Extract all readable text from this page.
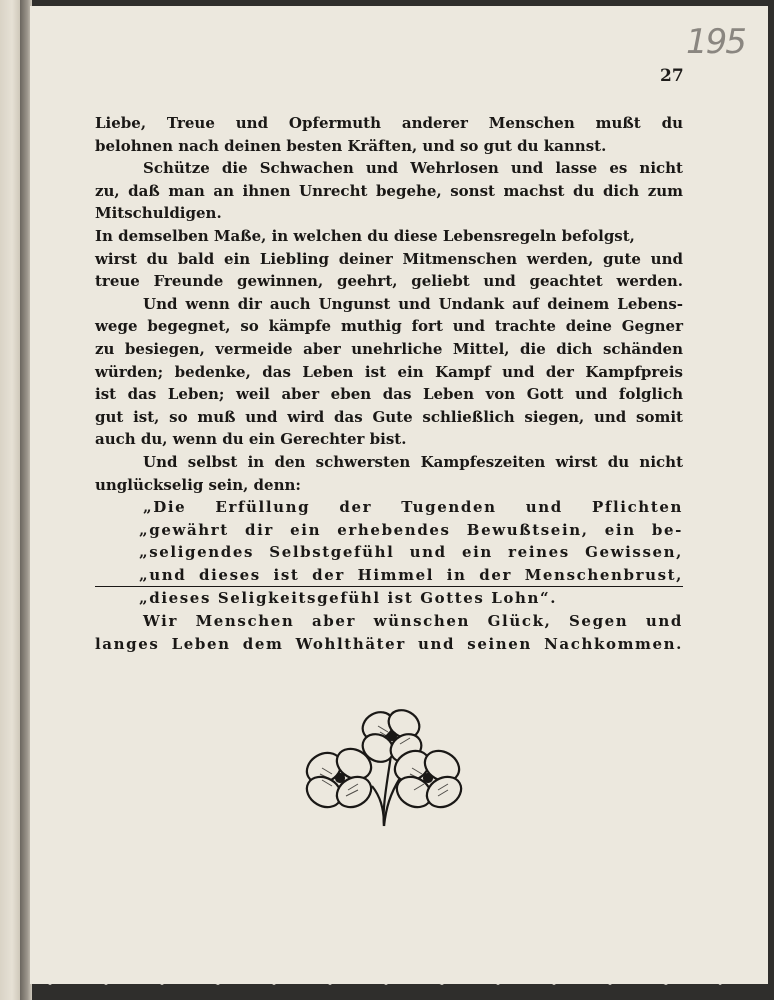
195
27

Liebe, Treue und Opfermuth anderer Menschen mußt du
belohnen nach deinen besten Kräften, und so gut du kannst.

Schütze die Schwachen und Wehrlosen und lasse es nicht
zu, daß man an ihnen Unrecht begehe, sonst machst du dich zum
Mitschuldigen.

In demselben Maße, in welchen du diese Lebensregeln befolgst,
wirst du bald ein Liebling deiner Mitmenschen werden, gute und
treue Freunde gewinnen, geehrt, geliebt und geachtet werden.

Und wenn dir auch Ungunst und Undank auf deinem Lebens-
wege begegnet, so kämpfe muthig fort und trachte deine Gegner
zu besiegen, vermeide aber unehrliche Mittel, die dich schänden
würden; bedenke, das Leben ist ein Kampf und der Kampfpreis
ist das Leben; weil aber eben das Leben von Gott und folglich
gut ist, so muß und wird das Gute schließlich siegen, und somit
auch du, wenn du ein Gerechter bist.

Und selbst in den schwersten Kampfeszeiten wirst du nicht
unglückselig sein, denn:

„Die Erfüllung der Tugenden und Pflichten
„gewährt dir ein erhebendes Bewußtsein, ein be-
„seligendes Selbstgefühl und ein reines Gewissen,
„und dieses ist der Himmel in der Menschenbrust,
„dieses Seligkeitsgefühl ist Gottes Lohn“.

Wir Menschen aber wünschen Glück, Segen und
langes Leben dem Wohlthäter und seinen Nachkommen.
